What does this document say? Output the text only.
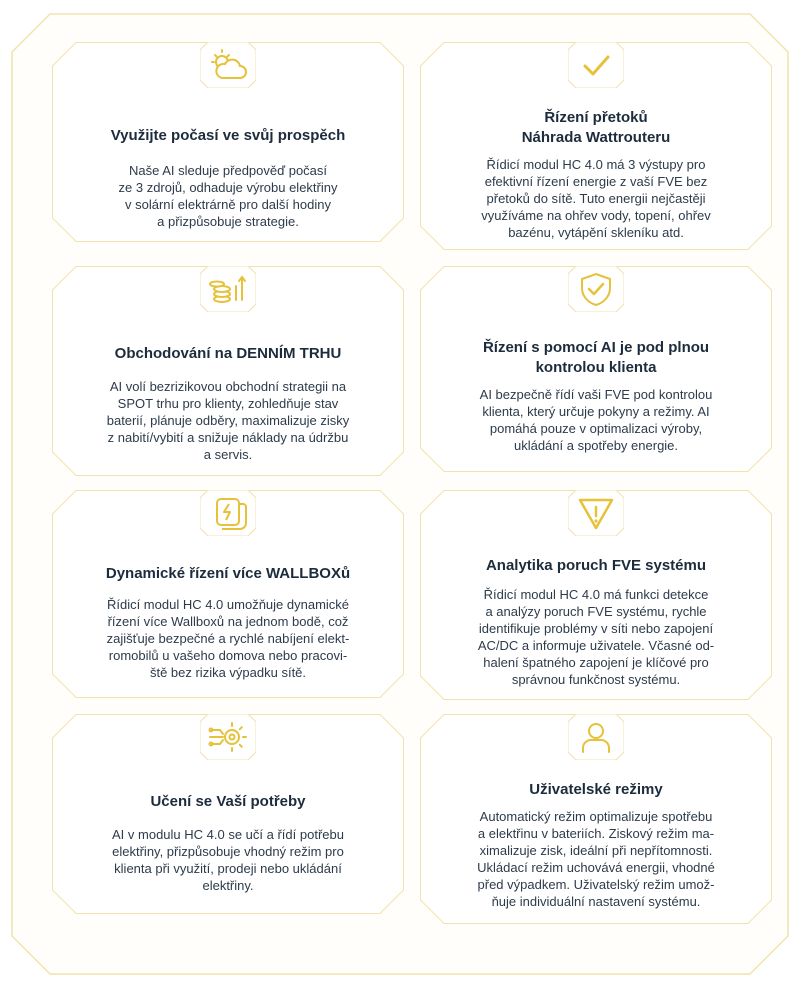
Využijte počasí ve svůj prospěch

Naše AI sleduje předpověď počasí

ze 3 zdrojů, odhaduje výrobu elektřiny

v solární elektrárně pro další hodiny

a přizpůsobuje strategie.

Řízení přetoků

Náhrada Wattrouteru

Řídicí modul HC 4.0 má 3 výstupy pro

efektivní řízení energie z vaší FVE bez

přetoků do sítě. Tuto energii nejčastěji

využíváme na ohřev vody, topení, ohřev

bazénu, vytápění skleníku atd.

Obchodování na DENNÍM TRHU

AI volí bezrizikovou obchodní strategii na

SPOT trhu pro klienty, zohledňuje stav

baterií, plánuje odběry, maximalizuje zisky

z nabití/vybití a snižuje náklady na údržbu

a servis.

Řízení s pomocí AI je pod plnou

kontrolou klienta

AI bezpečně řídí vaši FVE pod kontrolou

klienta, který určuje pokyny a režimy. AI

pomáhá pouze v optimalizaci výroby,

ukládání a spotřeby energie.

Dynamické řízení více WALLBOXů

Řídicí modul HC 4.0 umožňuje dynamické

řízení více Wallboxů na jednom bodě, což

zajišťuje bezpečné a rychlé nabíjení elekt-

romobilů u vašeho domova nebo pracovi-

ště bez rizika výpadku sítě.

Analytika poruch FVE systému

Řídicí modul HC 4.0 má funkci detekce

a analýzy poruch FVE systému, rychle

identifikuje problémy v síti nebo zapojení

AC/DC a informuje uživatele. Včasné od-

halení špatného zapojení je klíčové pro

správnou funkčnost systému.

Učení se Vaší potřeby

AI v modulu HC 4.0 se učí a řídí potřebu

elektřiny, přizpůsobuje vhodný režim pro

klienta při využití, prodeji nebo ukládání

elektřiny.

Uživatelské režimy

Automatický režim optimalizuje spotřebu

a elektřinu v bateriích. Ziskový režim ma-

ximalizuje zisk, ideální při nepřítomnosti.

Ukládací režim uchovává energii, vhodné

před výpadkem. Uživatelský režim umož-

ňuje individuální nastavení systému.
